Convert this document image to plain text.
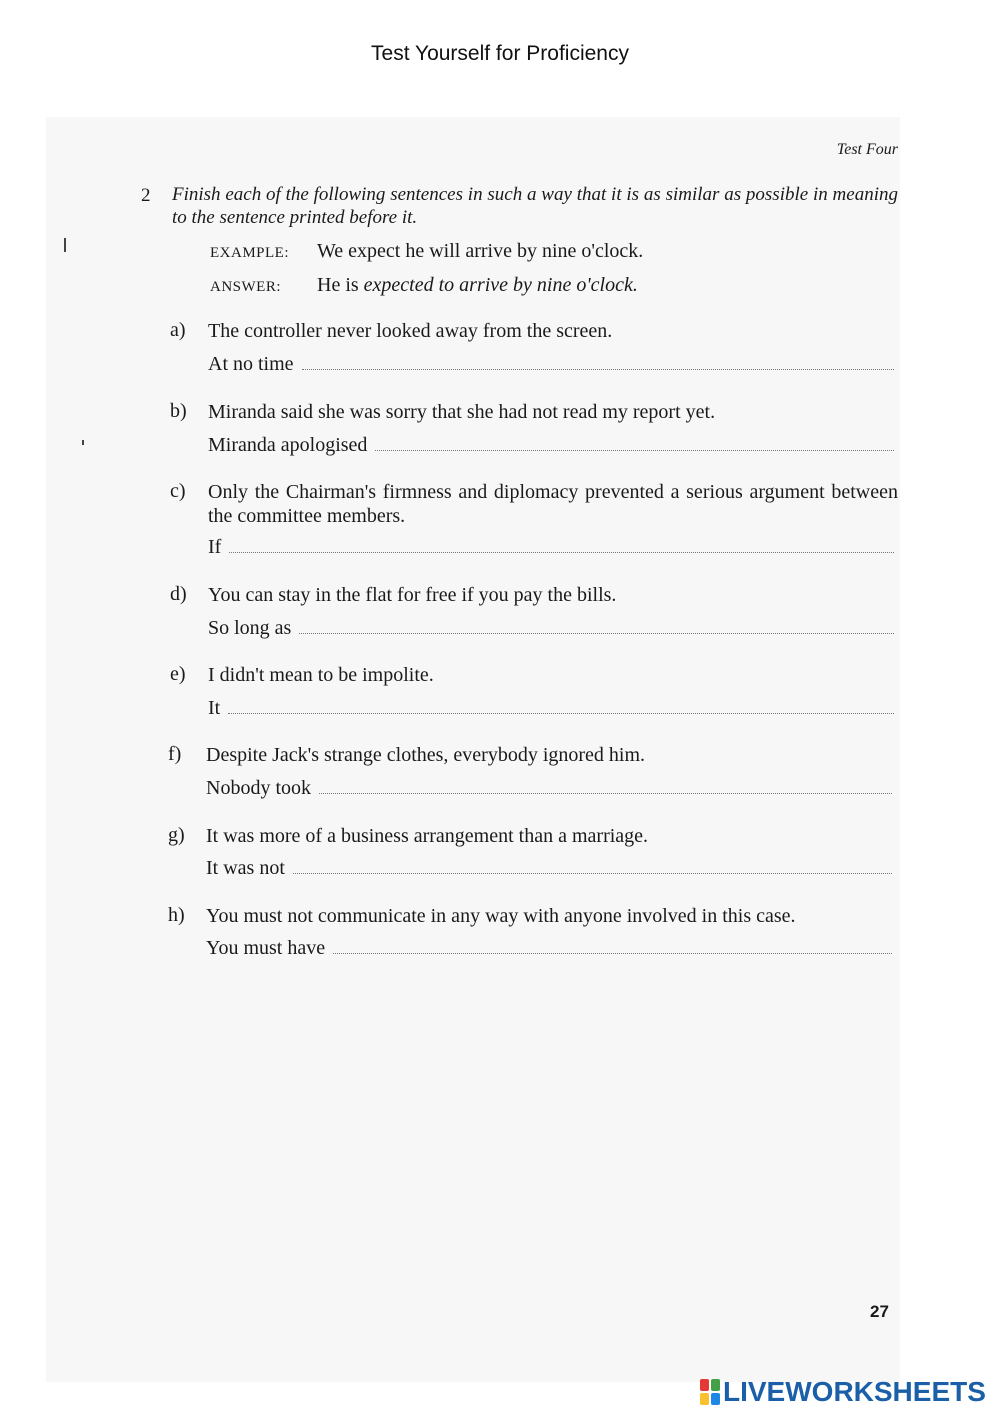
Test Yourself for Proficiency
Test Four
2 Finish each of the following sentences in such a way that it is as similar as possible in meaning to the sentence printed before it.
EXAMPLE: We expect he will arrive by nine o'clock.
ANSWER: He is expected to arrive by nine o'clock.
a) The controller never looked away from the screen.
At no time
b) Miranda said she was sorry that she had not read my report yet.
Miranda apologised
c) Only the Chairman's firmness and diplomacy prevented a serious argument between the committee members.
If
d) You can stay in the flat for free if you pay the bills.
So long as
e) I didn't mean to be impolite.
It
f) Despite Jack's strange clothes, everybody ignored him.
Nobody took
g) It was more of a business arrangement than a marriage.
It was not
h) You must not communicate in any way with anyone involved in this case.
You must have
27
LIVEWORKSHEETS
